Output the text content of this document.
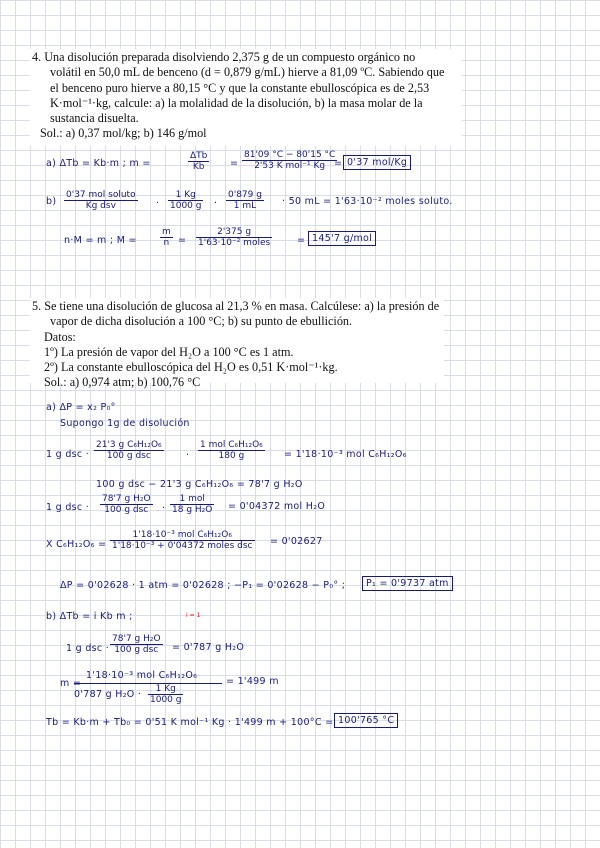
4. Una disolución preparada disolviendo 2,375 g de un compuesto orgánico no
volátil en 50,0 mL de benceno (d = 0,879 g/mL) hierve a 81,09 ºC. Sabiendo que
el benceno puro hierve a 80,15 °C y que la constante ebulloscópica es de 2,53
K·mol⁻¹·kg, calcule: a) la molalidad de la disolución, b) la masa molar de la
sustancia disuelta.
Sol.: a) 0,37 mol/kg; b) 146 g/mol
a) ΔTb = Kb·m ; m =
ΔTb
Kb	=
81'09 °C − 80'15 °C
2'53 K mol⁻¹ Kg = 0'37 mol/Kg
b)
0'37 mol soluto
Kg dsv	· $\frac{1 Kg}{1000 g} \cdot \frac{0'879 g}{1 mL} \cdot 50$ mL = 1'63·10⁻² moles soluto.
n·M = m ; M =	$\frac{m}{n}$ =
2'375 g
1'63·10⁻² moles	= 145'7 g/mol
5. Se tiene una disolución de glucosa al 21,3 % en masa. Calcúlese: a) la presión de
vapor de dicha disolución a 100 °C; b) su punto de ebullición.
Datos:
1º) La presión de vapor del H₂O a 100 °C es 1 atm.
2º) La constante ebulloscópica del H₂O es 0,51 K·mol⁻¹·kg.
Sol.: a) 0,974 atm; b) 100,76 °C
a) ΔP = x₂ P₀°
Supongo 1g de disolución
1 g dsc ·
21'3 g C₆H₁₂O₆
100 g dsc	·
1 mol C₆H₁₂O₆
180 g	= 1'18·10⁻³ mol C₆H₁₂O₆
100 g dsc − 21'3 g C₆H₁₂O₆ = 78'7 g H₂O
1 g dsc ·
78'7 g H₂O
100 g dsc	·
1 mol
18 g H₂O = 0'04372 mol H₂O
X C₆H₁₂O₆ =
1'18·10⁻³ mol C₆H₁₂O₆
1'18·10⁻³ + 0'04372 moles dsc = 0'02627
ΔP = 0'02628 · 1 atm = 0'02628 ; −P₁ = 0'02628 − P₀° ;	P₁ = 0'9737 atm
b) ΔTb = i Kb m ;	i = 1
1 g dsc ·
78'7 g H₂O
100 g dsc	= 0'787 g H₂O
m =
1'18·10⁻³ mol C₆H₁₂O₆
0'787 g $H_2O \cdot \frac{1 Kg}{1000 g}$
= 1'499 m
Tb = Kb·m + Tb₀ = 0'51 K mol⁻¹ Kg · 1'499 m + 100°C = 100'765 °C
